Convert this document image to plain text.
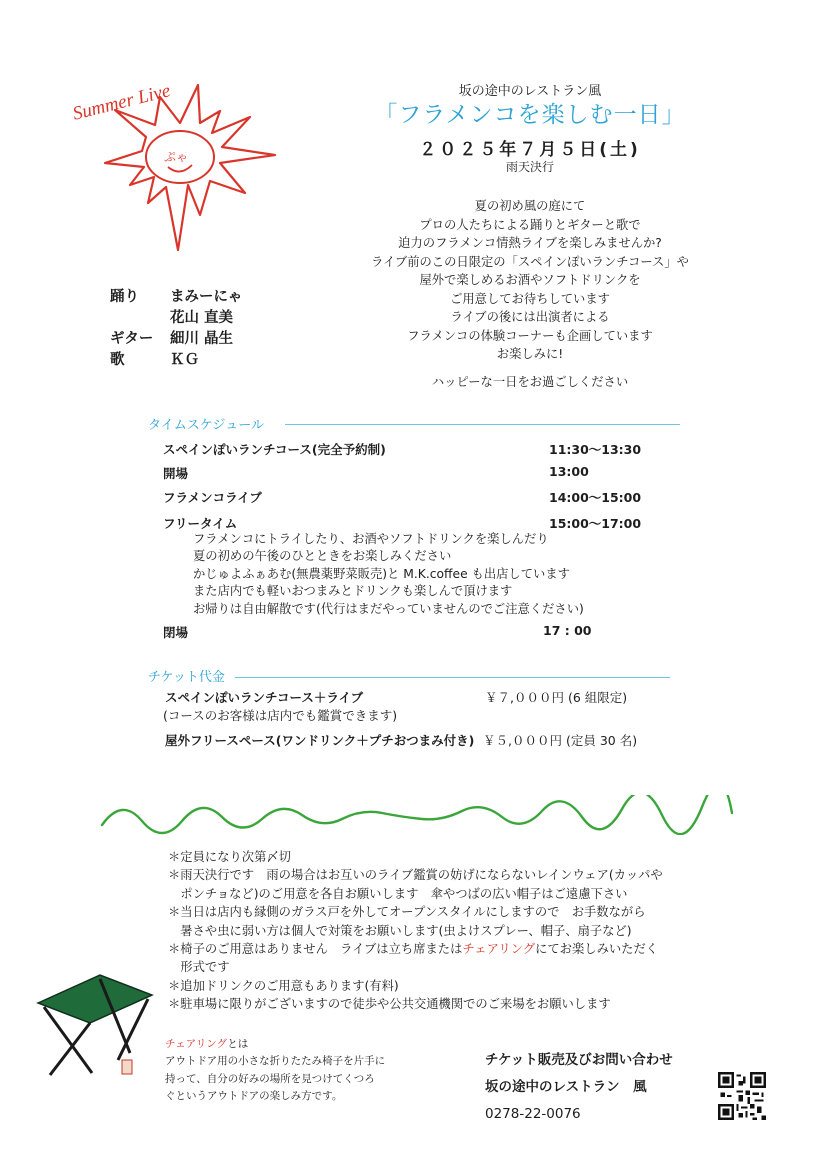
Summer Live
ぷゃ
坂の途中のレストラン風
「フラメンコを楽しむ一日」
２０２５年７月５日(土)
雨天決行
夏の初め風の庭にて
プロの人たちによる踊りとギターと歌で
迫力のフラメンコ情熱ライブを楽しみませんか?
ライブ前のこの日限定の「スペインぽいランチコース」や
屋外で楽しめるお酒やソフトドリンクを
ご用意してお待ちしています
ライブの後には出演者による
フラメンコの体験コーナーも企画しています
お楽しみに!
ハッピーな一日をお過ごしください
踊り	まみーにゃ
花山 直美
ギター	細川 晶生
歌	ＫＧ
タイムスケジュール
スペインぽいランチコース(完全予約制)	11:30～13:30
開場	13:00
フラメンコライブ	14:00～15:00
フリータイム	15:00～17:00
フラメンコにトライしたり、お酒やソフトドリンクを楽しんだり
夏の初めの午後のひとときをお楽しみください
かじゅよふぁあむ(無農薬野菜販売)と M.K.coffee も出店しています
また店内でも軽いおつまみとドリンクも楽しんで頂けます
お帰りは自由解散です(代行はまだやっていませんのでご注意ください)
閉場	17 : 00
チケット代金
スペインぽいランチコース＋ライブ	￥７,０００円 (6 組限定)
(コースのお客様は店内でも鑑賞できます)
屋外フリースペース(ワンドリンク＋プチおつまみ付き) ￥５,０００円 (定員 30 名)
＊定員になり次第〆切
＊雨天決行です　雨の場合はお互いのライブ鑑賞の妨げにならないレインウェア(カッパや
　ポンチョなど)のご用意を各自お願いします　傘やつばの広い帽子はご遠慮下さい
＊当日は店内も縁側のガラス戸を外してオープンスタイルにしますので　お手数ながら
　暑さや虫に弱い方は個人で対策をお願いします(虫よけスプレー、帽子、扇子など)
＊椅子のご用意はありません　ライブは立ち席またはチェアリングにてお楽しみいただく
　形式です
＊追加ドリンクのご用意もあります(有料)
＊駐車場に限りがございますので徒歩や公共交通機関でのご来場をお願いします
チェアリングとは
アウトドア用の小さな折りたたみ椅子を片手に
持って、自分の好みの場所を見つけてくつろ
ぐというアウトドアの楽しみ方です。
チケット販売及びお問い合わせ
坂の途中のレストラン　風
0278-22-0076
